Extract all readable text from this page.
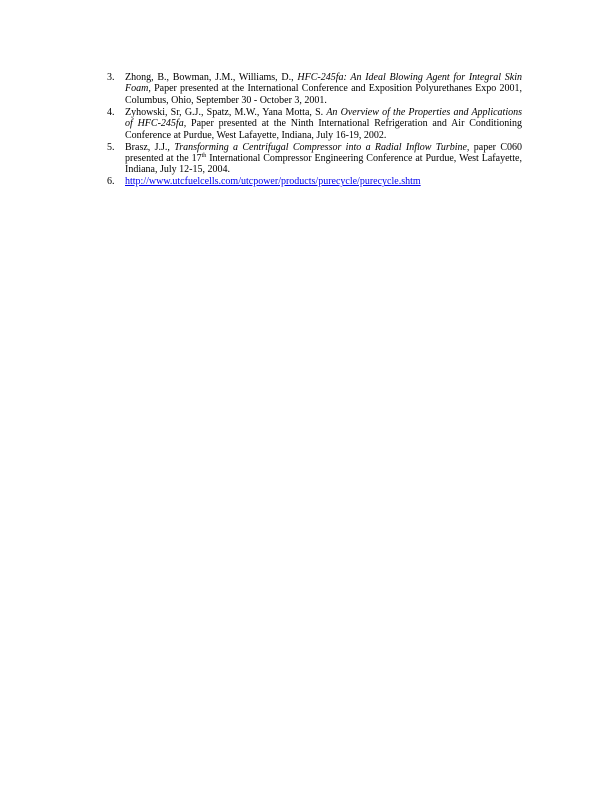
3.	Zhong, B., Bowman, J.M., Williams, D., HFC-245fa: An Ideal Blowing Agent for Integral Skin Foam, Paper presented at the International Conference and Exposition Polyurethanes Expo 2001, Columbus, Ohio, September 30 - October 3, 2001.
4.	Zyhowski, Sr, G.J., Spatz, M.W., Yana Motta, S. An Overview of the Properties and Applications of HFC-245fa, Paper presented at the Ninth International Refrigeration and Air Conditioning Conference at Purdue, West Lafayette, Indiana, July 16-19, 2002.
5.	Brasz, J.J., Transforming a Centrifugal Compressor into a Radial Inflow Turbine, paper C060 presented at the 17th International Compressor Engineering Conference at Purdue, West Lafayette, Indiana, July 12-15, 2004.
6.	http://www.utcfuelcells.com/utcpower/products/purecycle/purecycle.shtm
